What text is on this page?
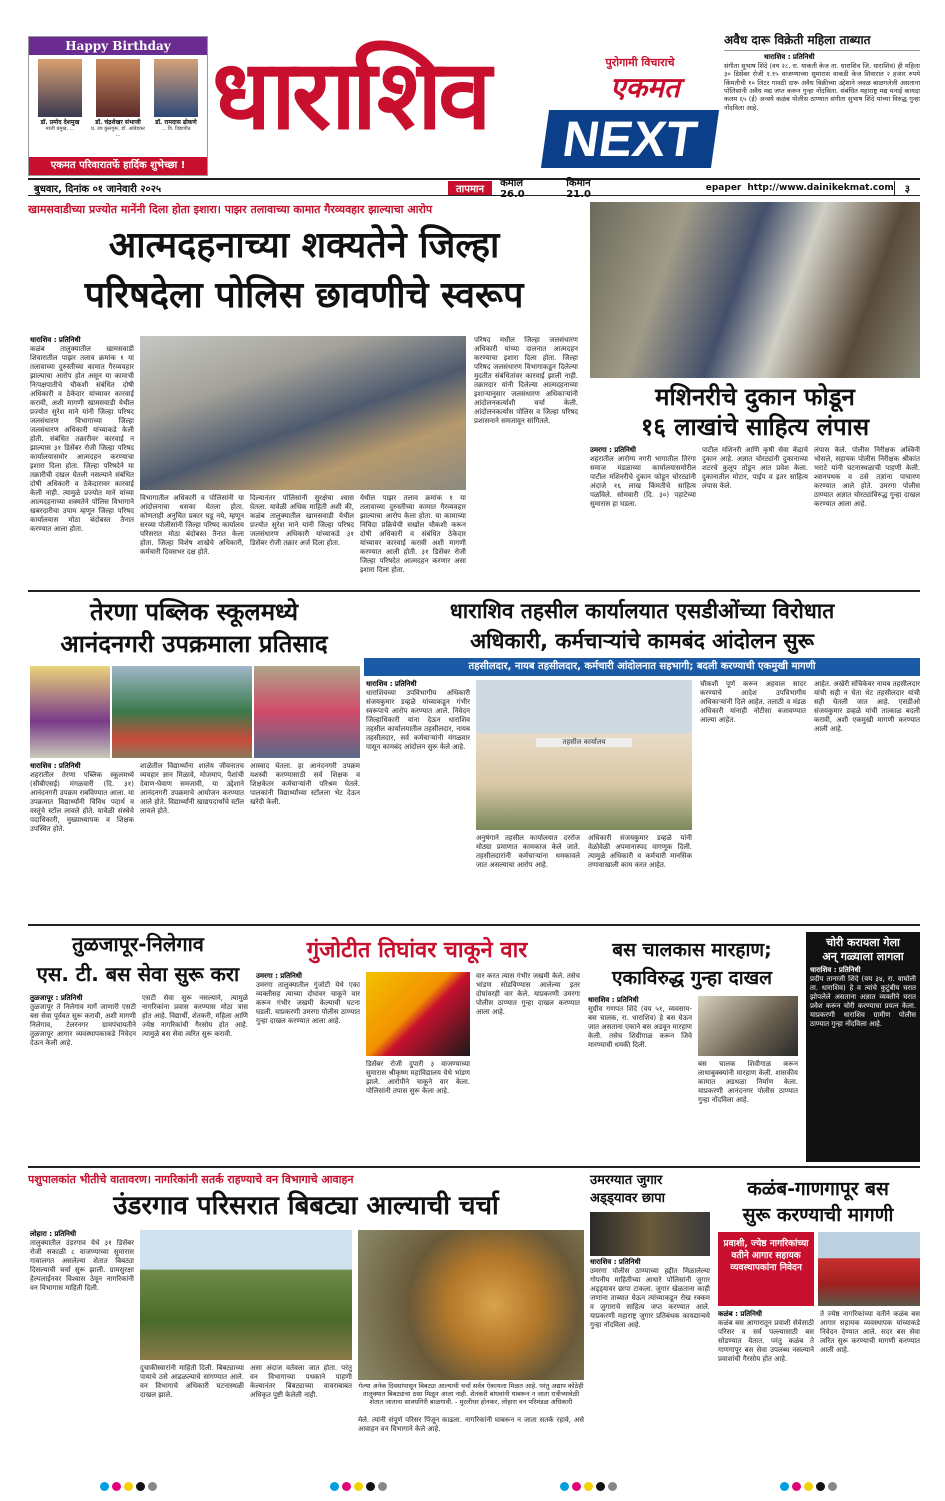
Happy Birthday
डॉ. प्रमोद देशमुख
माजी प्रमुख, ...
डॉ. चंद्रशेखर संभाजी
प्र. उप कुलगुरू, डॉ. आंबेडकर ...
डॉ. रामदास ढोकणे
... वि. विद्यापीठ
एकमत परिवारातर्फे हार्दिक शुभेच्छा !
धाराशिव	पुरोगामी विचाराचे
एकमत
NEXT
अवैध दारू विक्रेती महिला ताब्यात
धाराशिव : प्रतिनिधी
संगीता सुभाष शिंदे (वय २८, रा. याकती केज ता. धाराशिव जि. धाराशिव) ही महिला ३० डिसेंबर रोजी १.१५ वाजण्याच्या सुमारास वाकडी केज शिवारात २ हजार रुपये किंमतीची १० लिटर गावठी दारू अवैध विक्रीच्या उद्देशाने जवळ बाळगलेली असताना पोलिसांनी अवैध मद्य जप्त करून गुन्हा नोंदविला. संबंधित महाराष्ट्र मद्य मनाई कायदा कलम ६५ (ई) अन्वये कळंब पोलीस ठाण्यात संगीता सुभाष शिंदे यांच्या विरुद्ध गुन्हा नोंदविला आहे.
बुधवार, दिनांक ०१ जानेवारी २०२५	तापमान	कमाल 26.0
किमान 21.0
epaper http://www.dainikekmat.com	३
खामसवाडीच्या प्रज्योत मानेंनी दिला होता इशारा। पाझर तलावाच्या कामात गैरव्यवहार झाल्याचा आरोप
आत्मदहनाच्या शक्यतेने जिल्हा
परिषदेला पोलिस छावणीचे स्वरूप
धाराशिव : प्रतिनिधी
कळंब तालुक्यातील खामसवाडी शिवारातील पाझर तलाव क्रमांक १ या तलावाच्या दुरुस्तीच्या कामात गैरव्यवहार झाल्याचा आरोप होत असून या कामाची निःपक्षपातीचे चौकशी संबंधित दोषी अधिकारी व ठेकेदार यांच्यावर कारवाई करावी, अशी मागणी खामसवाडी येथील प्रज्योत सुरेश माने यांनी जिल्हा परिषद जलसंधारण विभागाच्या जिल्हा जलसंधारण अधिकारी यांच्याकडे केली होती. संबंधित तक्रारीवर कारवाई न झाल्यास ३१ डिसेंबर रोजी जिल्हा परिषद कार्यालयासमोर आत्मदहन करण्याचा इशारा दिला होता. जिल्हा परिषदेने या तक्रारीची दखल घेतली नसल्याने संबंधित दोषी अधिकारी व ठेकेदारावर कारवाई केली नाही. त्यामुळे प्रज्योत माने यांच्या आत्मदहनाच्या शक्यतेने पोलिस विभागाने खबरदारीचा उपाय म्हणून जिल्हा परिषद कार्यालयास मोठा बंदोबस्त तैनात करण्यात आला होता.
विभागातील अधिकारी व पोलिसांनी या आंदोलनाचा धसका घेतला होता. कोणताही अनुचित प्रकार घडू नये, म्हणून सरव्या पोलीसांनी जिल्हा परिषद कार्यालय परिसरात मोठा बंदोबस्त तैनात केला होता. जिल्हा विशेष शाखेचे अधिकारी, कर्मचारी दिवसभर दक्ष होते.
दिल्यानंतर पोलिसांनी सुरक्षेचा श्वास घेतला. यावेळी अधिक माहिती अशी की, कळंब तालुक्यातील खामसवाडी येथील प्रज्योत सुरेश माने यांनी जिल्हा परिषद जलसंधारण अधिकारी यांच्याकडे ३१ डिसेंबर रोजी तक्रार अर्ज दिला होता.
येथील पाझर तलाव क्रमांक १ या तलावाच्या दुरुस्तीच्या कामात गैरव्यवहार झाल्याचा आरोप केला होता. या कामाच्या निविदा प्रक्रियेची सखोल चौकशी करून दोषी अधिकारी व संबंधित ठेकेदार यांच्यावर कारवाई करावी अशी मागणी करण्यात आली होती. ३१ डिसेंबर रोजी जिल्हा परिषदेत आत्मदहन करणार असा इशारा दिला होता.
परिषद मधील जिल्हा जलसंधारण अधिकारी यांच्या दालनात आत्मदहन करण्याचा इशारा दिला होता. जिल्हा परिषद जलसंधारण विभागाकडून दिलेल्या मुदतीत संबंधितांवर कारवाई झाली नाही. तक्रारदार यांनी दिलेल्या आत्मदहनाच्या इशाऱ्यानुसार जलसंधारण अधिकाऱ्यांनी आंदोलनकर्त्याशी चर्चा केली. आंदोलनकर्त्यास पोलिस व जिल्हा परिषद प्रशासनाने समजावून सांगितले.
मशिनरीचे दुकान फोडून
१६ लाखांचे साहित्य लंपास
उमरगा : प्रतिनिधी
शहरातील आरोग्य नगरी भागातील तिरंगा समाज मंडळाच्या कार्यालयासमोरील पाटील मशिनरीचे दुकान फोडून चोरट्यांनी अंदाजे १६ लाख किंमतीचे साहित्य पळविले. सोमवारी (दि. ३०) पहाटेच्या सुमारास हा घडला.
पाटील मशिनरी आणि कृषी सेवा केंद्राचे दुकान आहे. अज्ञात चोरट्यांनी दुकानाच्या शटरचे कुलूप तोडून आत प्रवेश केला. दुकानातील मोटार, पाईप व इतर साहित्य लंपास केले.
लंपास केले. पोलीस निरीक्षक अश्विनी भोसले, सहायक पोलीस निरीक्षक श्रीकांत भराटे यांनी घटनास्थळाची पाहणी केली. श्वानपथक व ठसे तज्ञांना पाचारण करण्यात आले होते. उमरगा पोलीस ठाण्यात अज्ञात चोरट्यांविरुद्ध गुन्हा दाखल करण्यात आला आहे.
तेरणा पब्लिक स्कूलमध्ये
आनंदनगरी उपक्रमाला प्रतिसाद
धाराशिव : प्रतिनिधी
शहरातील तेरणा पब्लिक स्कूलमध्ये (सीबीएसई) मंगळवारी (दि. ३१) आनंदनगरी उपक्रम राबविण्यात आला. या उपक्रमात विद्यार्थ्यांनी विविध पदार्थ व वस्तूंचे स्टॉल लावले होते. यावेळी संस्थेचे पदाधिकारी, मुख्याध्यापक व शिक्षक उपस्थित होते.
शाळेतील विद्यार्थ्यांना शालेय जीवनातच व्यवहार ज्ञान मिळावे, मोजमाप, पैशांची देवाण-घेवाण समजावी, या उद्देशाने आनंदनगरी उपक्रमाचे आयोजन करण्यात आले होते. विद्यार्थ्यांनी खाद्यपदार्थांचे स्टॉल लावले होते.
आस्वाद घेतला. हा आनंदनगरी उपक्रम यशस्वी करण्यासाठी सर्व शिक्षक व शिक्षकेतर कर्मचाऱ्यांनी परिश्रम घेतले. पालकांनी विद्यार्थ्यांच्या स्टॉलला भेट देऊन खरेदी केली.
धाराशिव तहसील कार्यालयात एसडीओंच्या विरोधात
अधिकारी, कर्मचाऱ्यांचे कामबंद आंदोलन सुरू
तहसीलदार, नायब तहसीलदार, कर्मचारी आंदोलनात सहभागी; बदली करण्याची एकमुखी मागणी
धाराशिव : प्रतिनिधी
धाराशिवच्या उपविभागीय अधिकारी संजयकुमार डव्हळे यांच्याकडून गंभीर स्वरूपाचे आरोप करण्यात आले. निवेदन जिल्हाधिकारी यांना देऊन धाराशिव तहसील कार्यालयातील तहसीलदार, नायब तहसीलदार, सर्व कर्मचाऱ्यांनी मंगळवार पासून कामबंद आंदोलन सुरू केले आहे.
तहसील कार्यालय
अनुषंगाने तहसील कार्यालयात दररोज मोठ्या प्रमाणात कामकाज केले जाते. तहसीलदारांनी कर्मचाऱ्यांना धमकावले जात असल्याचा आरोप आहे.
अधिकारी संजयकुमार डव्हळे यांनी वेळोवेळी अपमानास्पद वागणूक दिली. त्यामुळे अधिकारी व कर्मचारी मानसिक तणावाखाली काम करत आहेत.
चौकशी पूर्ण करून अहवाल सादर करण्याचे आदेश उपविभागीय अधिकाऱ्यांनी दिले आहेत. तलाठी व मंडळ अधिकारी यांनाही नोटीसा बजावण्यात आल्या आहेत.
आहेत. अखेरी संचिकेवर नायब तहसीलदार यांची सही न घेता थेट तहसीलदार यांची सही घेतली जात आहे. एसडीओ संजयकुमार डव्हळे यांची तात्काळ बदली करावी, अशी एकमुखी मागणी करण्यात आली आहे.
तुळजापूर-निलेगाव
एस. टी. बस सेवा सुरू करा
तुळजापूर : प्रतिनिधी
तुळजापूर ते निलेगाव मार्गे जाणारी एसटी बस सेवा पूर्ववत सुरू करावी, अशी मागणी निलेगाव, टेलरनगर ग्रामपंचायतीने तुळजापूर आगार व्यवस्थापकाकडे निवेदन देऊन केली आहे.
एसटी सेवा सुरू नसल्याने, त्यामुळे नागरिकांना प्रवास करण्यास मोठा त्रास होत आहे. विद्यार्थी, शेतकरी, महिला आणि ज्येष्ठ नागरिकांची गैरसोय होत आहे. त्यामुळे बस सेवा त्वरित सुरू करावी.
गुंजोटीत तिघांवर चाकूने वार
उमरगा : प्रतिनिधी
उमरगा तालुक्यातील गुंजोटी येथे एका व्यक्तीसह त्याच्या दोघांवर चाकूने वार करून गंभीर जखमी केल्याची घटना घडली. याप्रकरणी उमरगा पोलीस ठाण्यात गुन्हा दाखल करण्यात आला आहे.
डिसेंबर रोजी दुपारी ३ वाजण्याच्या सुमारास श्रीकृष्ण महाविद्यालय येथे भांडण झाले. आरोपीने चाकूने वार केला. पोलिसांनी तपास सुरू केला आहे.
वार करत त्यास गंभीर जखमी केले. तसेच भांडण सोडविण्यास आलेल्या इतर दोघांवरही वार केले. याप्रकरणी उमरगा पोलीस ठाण्यात गुन्हा दाखल करण्यात आला आहे.
बस चालकास मारहाण;
एकाविरुद्ध गुन्हा दाखल
धाराशिव : प्रतिनिधी
सुग्रीव गणपत शिंदे (वय ५१, व्यवसाय- बस चालक, रा. धाराशिव) हे बस घेऊन जात असताना एकाने बस अडवून मारहाण केली. तसेच शिवीगाळ करून जिवे मारण्याची धमकी दिली.
बस चालक शिवीगाळ करून लाथाबुक्क्यांनी मारहाण केली. शासकीय कामात अडथळा निर्माण केला. याप्रकरणी आनंदनगर पोलीस ठाण्यात गुन्हा नोंदविला आहे.
चोरी करायला गेला
अन् गळ्याला लागला
धाराशिव : प्रतिनिधी
प्रदीप तानाजी शिंदे (वय ३४, रा. वाघोली ता. धाराशिव) हे व त्यांचे कुटुंबीय घरात झोपलेले असताना अज्ञात व्यक्तीने घरात प्रवेश करून चोरी करण्याचा प्रयत्न केला. याप्रकरणी धाराशिव ग्रामीण पोलीस ठाण्यात गुन्हा नोंदविला आहे.
पशुपालकांत भीतीचे वातावरण। नागरिकांनी सतर्क राहण्याचे वन विभागाचे आवाहन
उंडरगाव परिसरात बिबट्या आल्याची चर्चा
लोहारा : प्रतिनिधी
तालुक्यातील उंडरगाव येथे ३१ डिसेंबर रोजी सकाळी ८ वाजण्याच्या सुमारास गावालगत असलेल्या शेतात बिबट्या दिसल्याची चर्चा सुरू झाली. ग्रामसुरक्षा हेल्पलाईनवर विश्वास ठेवून नागरिकांनी वन विभागास माहिती दिली.
दुचाकीस्वारांनी माहिती दिली. बिबट्याच्या पायाचे ठसे आढळल्याचे सांगण्यात आले. वन विभागाचे अधिकारी घटनास्थळी दाखल झाले.
असा अंदाज वर्तवला जात होता. परंतु वन विभागाच्या पथकाने पाहणी केल्यानंतर बिबट्याच्या वावराबाबत अधिकृत पुष्टी केलेली नाही.
गेल्या अनेक दिवसांपासून बिबट्या आल्याची चर्चा सर्वत्र ऐकायला मिळत आहे. परंतु अद्याप कोठेही तालुक्यात बिबट्याचा ठसा मिळून आला नाही. शेतकरी बांधवांनी घाबरून न जाता रात्रीच्यावेळी शेतात जाताना सावधगिरी बाळगावी. - मुरलीधर होनकर, लोहारा वन परिमंडळ अधिकारी
मेले. त्यांनी संपूर्ण परिसर पिंजून काढला. नागरिकांनी घाबरून न जाता सतर्क रहावे, असे आवाहन वन विभागाने केले आहे.
उमरग्यात जुगार
अड्ड्यावर छापा
धाराशिव : प्रतिनिधी
उमरगा पोलीस ठाण्याच्या हद्दीत मिळालेल्या गोपनीय माहितीच्या आधारे पोलिसांनी जुगार अड्ड्यावर छापा टाकला. जुगार खेळताना काही जणांना ताब्यात घेऊन त्यांच्याकडून रोख रक्कम व जुगाराचे साहित्य जप्त करण्यात आले. याप्रकरणी महाराष्ट्र जुगार प्रतिबंधक कायद्यान्वये गुन्हा नोंदविला आहे.
कळंब-गाणगापूर बस
सुरू करण्याची मागणी
प्रवाशी, ज्येष्ठ नागरिकांच्या वतीने आगार सहायक व्यवस्थापकांना निवेदन
कळंब : प्रतिनिधी
कळंब बस आगारातून प्रवाशी सेवेसाठी परिसर व सर्व पल्ल्यासाठी बस सोडण्यात येतात. परंतु कळंब ते गाणगापूर बस सेवा उपलब्ध नसल्याने प्रवाशांची गैरसोय होत आहे.
ते ज्येष्ठ नागरिकांच्या वतीने कळंब बस आगार सहायक व्यवस्थापक यांच्याकडे निवेदन देण्यात आले. सदर बस सेवा त्वरित सुरू करण्याची मागणी करण्यात आली आहे.
